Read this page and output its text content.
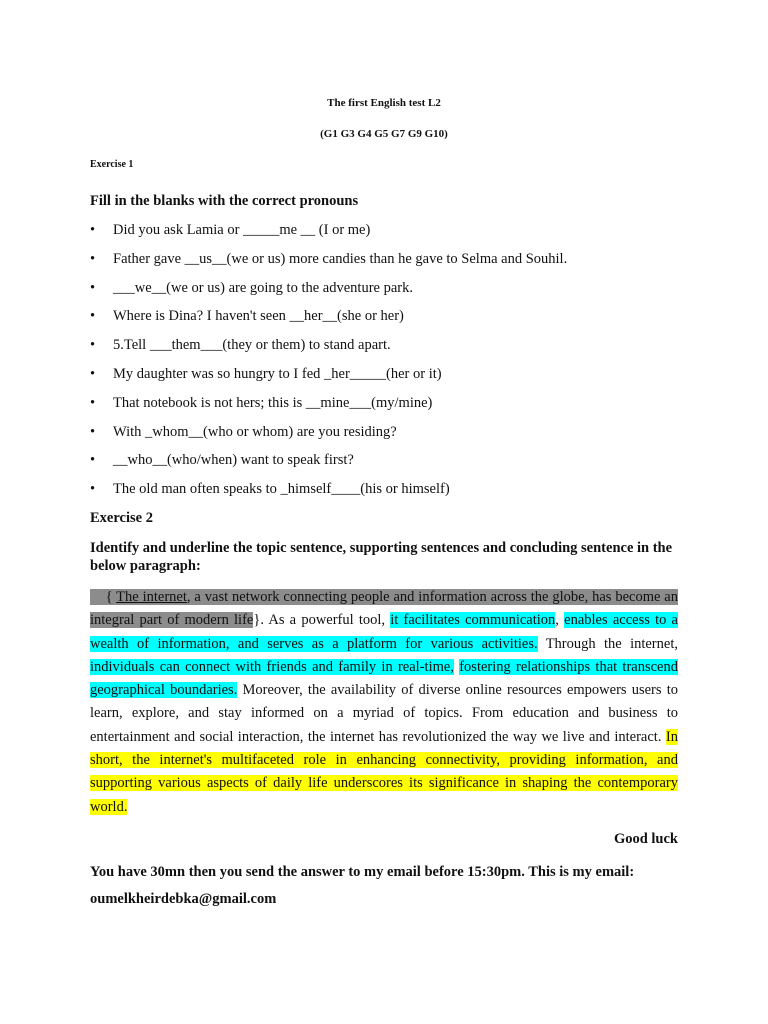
The first English test L2
(G1 G3 G4 G5 G7 G9 G10)
Exercise 1
Fill in the blanks with the correct pronouns
•	Did you ask Lamia or _____me __ (I or me)
•	Father gave __us__(we or us) more candies than he gave to Selma and Souhil.
•	___we__(we or us) are going to the adventure park.
•	Where is Dina? I haven't seen __her__(she or her)
•	5.Tell ___them___(they or them) to stand apart.
•	My daughter was so hungry to I fed _her_____(her or it)
•	That notebook is not hers; this is __mine___(my/mine)
•	With _whom__(who or whom) are you residing?
•	__who__(who/when) want to speak first?
•	The old man often speaks to _himself____(his or himself)
Exercise 2
Identify and underline the topic sentence, supporting sentences and concluding sentence in the below paragraph:
{ The internet, a vast network connecting people and information across the globe, has become an integral part of modern life}. As a powerful tool, it facilitates communication, enables access to a wealth of information, and serves as a platform for various activities. Through the internet, individuals can connect with friends and family in real-time, fostering relationships that transcend geographical boundaries. Moreover, the availability of diverse online resources empowers users to learn, explore, and stay informed on a myriad of topics. From education and business to entertainment and social interaction, the internet has revolutionized the way we live and interact. In short, the internet's multifaceted role in enhancing connectivity, providing information, and supporting various aspects of daily life underscores its significance in shaping the contemporary world.
Good luck
You have 30mn then you send the answer to my email before 15:30pm. This is my email:
oumelkheirdebka@gmail.com
